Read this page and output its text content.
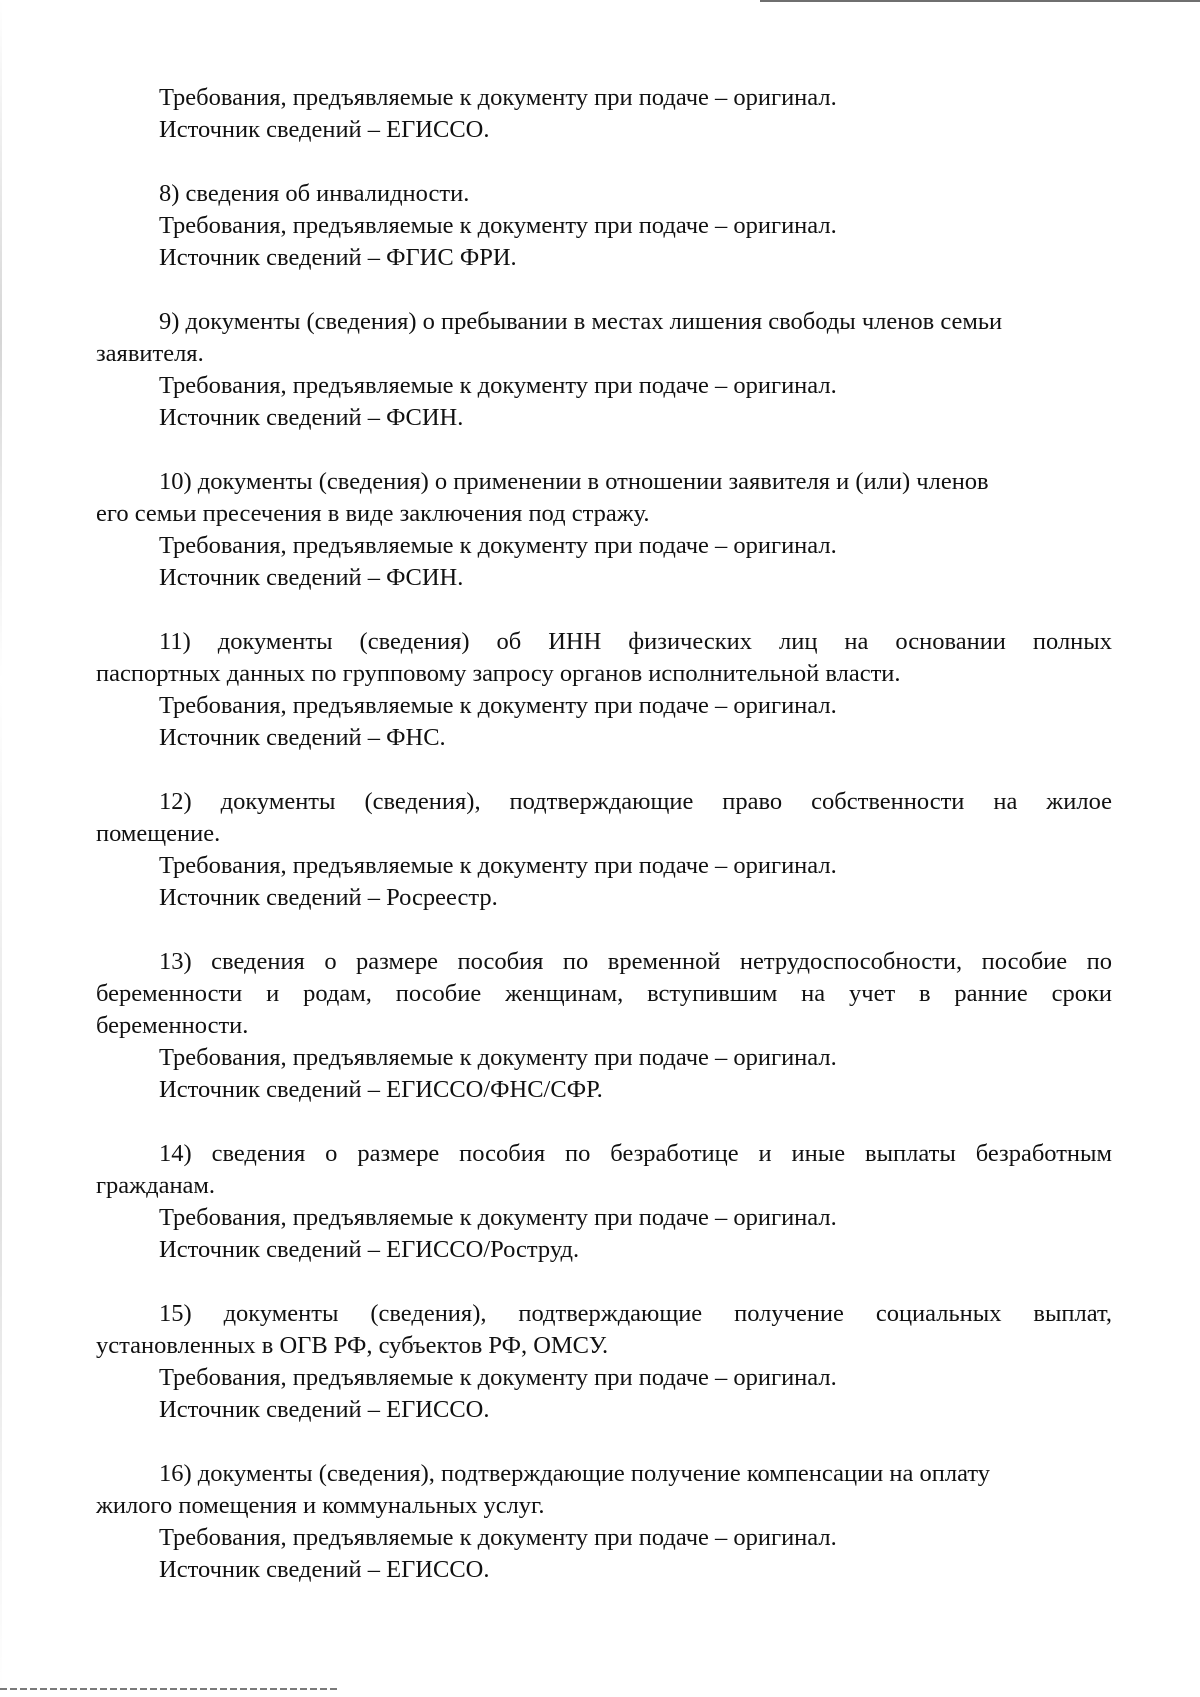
Требования, предъявляемые к документу при подаче – оригинал.
Источник сведений – ЕГИССО.
8) сведения об инвалидности.
Требования, предъявляемые к документу при подаче – оригинал.
Источник сведений – ФГИС ФРИ.
9) документы (сведения) о пребывании в местах лишения свободы членов семьи
заявителя.
Требования, предъявляемые к документу при подаче – оригинал.
Источник сведений – ФСИН.
10) документы (сведения) о применении в отношении заявителя и (или) членов
его семьи пресечения в виде заключения под стражу.
Требования, предъявляемые к документу при подаче – оригинал.
Источник сведений – ФСИН.
11) документы (сведения) об ИНН физических лиц на основании полных
паспортных данных по групповому запросу органов исполнительной власти.
Требования, предъявляемые к документу при подаче – оригинал.
Источник сведений – ФНС.
12) документы (сведения), подтверждающие право собственности на жилое
помещение.
Требования, предъявляемые к документу при подаче – оригинал.
Источник сведений – Росреестр.
13) сведения о размере пособия по временной нетрудоспособности, пособие по
беременности и родам, пособие женщинам, вступившим на учет в ранние сроки
беременности.
Требования, предъявляемые к документу при подаче – оригинал.
Источник сведений – ЕГИССО/ФНС/СФР.
14) сведения о размере пособия по безработице и иные выплаты безработным
гражданам.
Требования, предъявляемые к документу при подаче – оригинал.
Источник сведений – ЕГИССО/Роструд.
15) документы (сведения), подтверждающие получение социальных выплат,
установленных в ОГВ РФ, субъектов РФ, ОМСУ.
Требования, предъявляемые к документу при подаче – оригинал.
Источник сведений – ЕГИССО.
16) документы (сведения), подтверждающие получение компенсации на оплату
жилого помещения и коммунальных услуг.
Требования, предъявляемые к документу при подаче – оригинал.
Источник сведений – ЕГИССО.
